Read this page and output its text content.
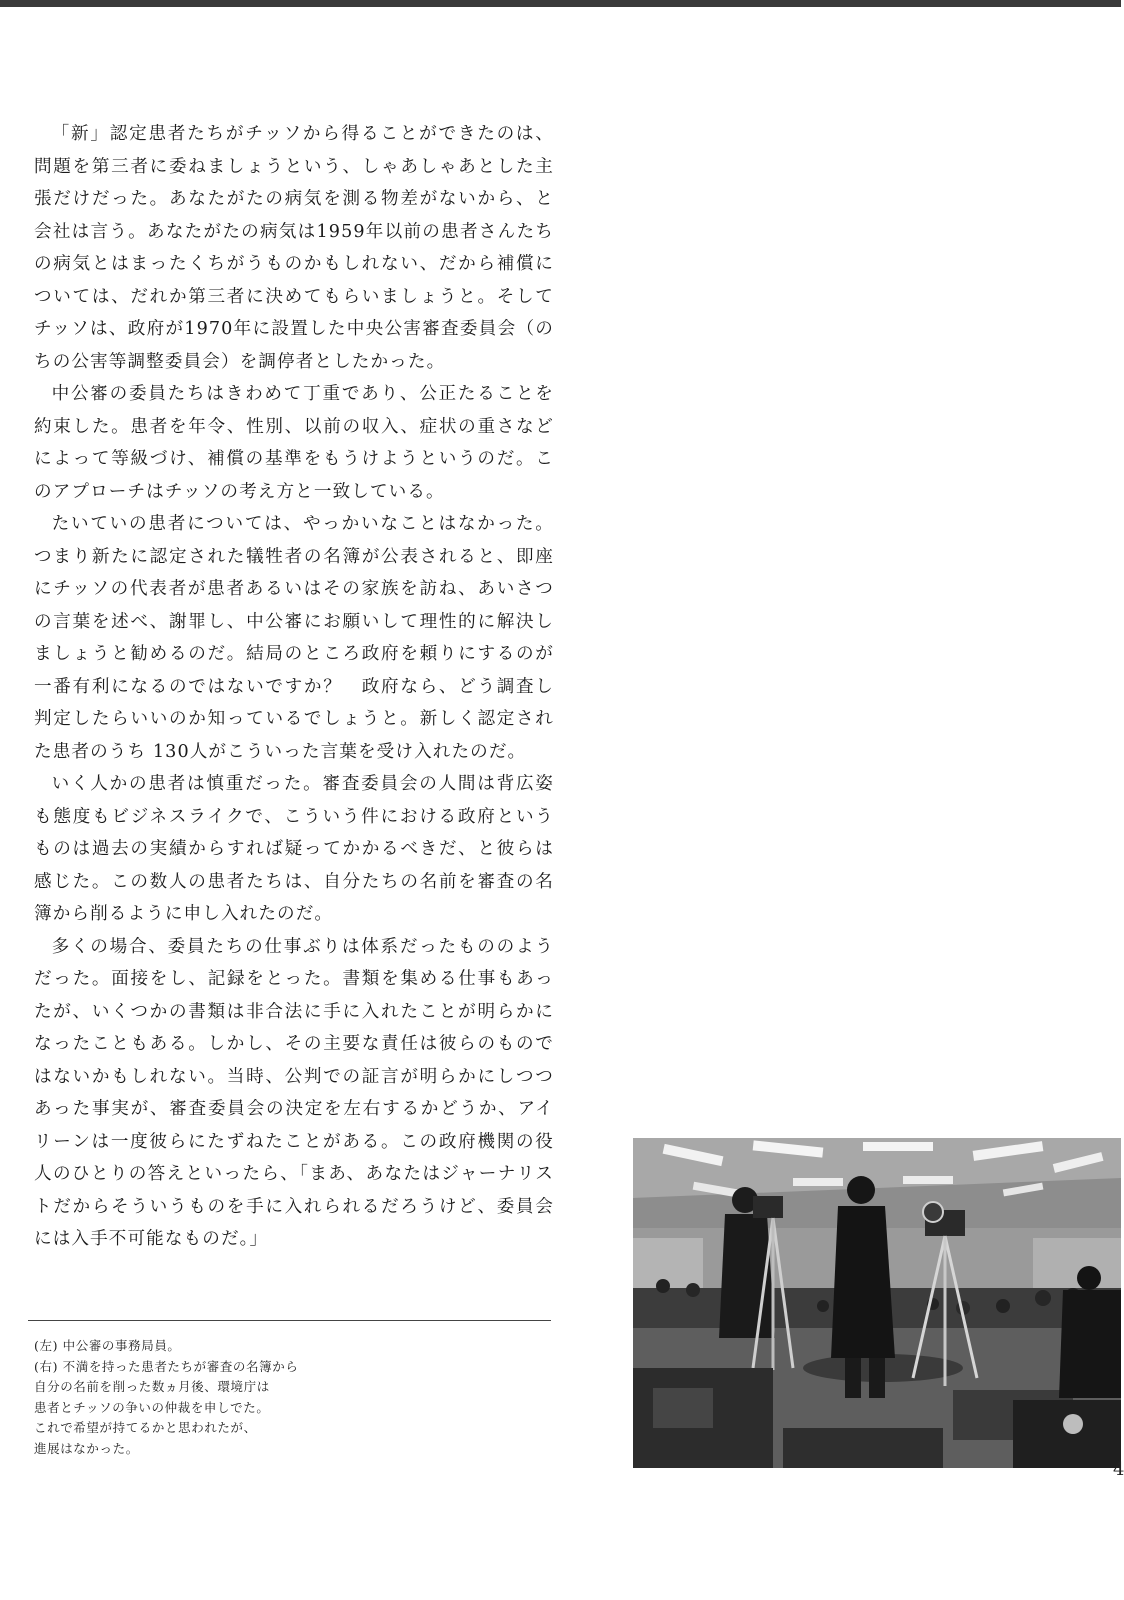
「新」認定患者たちがチッソから得ることができたのは、問題を第三者に委ねましょうという、しゃあしゃあとした主張だけだった。あなたがたの病気を測る物差がないから、と会社は言う。あなたがたの病気は1959年以前の患者さんたちの病気とはまったくちがうものかもしれない、だから補償については、だれか第三者に決めてもらいましょうと。そしてチッソは、政府が1970年に設置した中央公害審査委員会（のちの公害等調整委員会）を調停者としたかった。

中公審の委員たちはきわめて丁重であり、公正たることを約束した。患者を年令、性別、以前の収入、症状の重さなどによって等級づけ、補償の基準をもうけようというのだ。このアプローチはチッソの考え方と一致している。

たいていの患者については、やっかいなことはなかった。つまり新たに認定された犠牲者の名簿が公表されると、即座にチッソの代表者が患者あるいはその家族を訪ね、あいさつの言葉を述べ、謝罪し、中公審にお願いして理性的に解決しましょうと勧めるのだ。結局のところ政府を頼りにするのが一番有利になるのではないですか？　政府なら、どう調査し判定したらいいのか知っているでしょうと。新しく認定された患者のうち 130人がこういった言葉を受け入れたのだ。

いく人かの患者は慎重だった。審査委員会の人間は背広姿も態度もビジネスライクで、こういう件における政府というものは過去の実績からすれば疑ってかかるべきだ、と彼らは感じた。この数人の患者たちは、自分たちの名前を審査の名簿から削るように申し入れたのだ。

多くの場合、委員たちの仕事ぶりは体系だったもののようだった。面接をし、記録をとった。書類を集める仕事もあったが、いくつかの書類は非合法に手に入れたことが明らかになったこともある。しかし、その主要な責任は彼らのものではないかもしれない。当時、公判での証言が明らかにしつつあった事実が、審査委員会の決定を左右するかどうか、アイリーンは一度彼らにたずねたことがある。この政府機関の役人のひとりの答えといったら、「まあ、あなたはジャーナリストだからそういうものを手に入れられるだろうけど、委員会には入手不可能なものだ。」

(左) 中公審の事務局員。
(右) 不満を持った患者たちが審査の名簿から
自分の名前を削った数ヵ月後、環境庁は
患者とチッソの争いの仲裁を申しでた。
これで希望が持てるかと思われたが、
進展はなかった。
4
